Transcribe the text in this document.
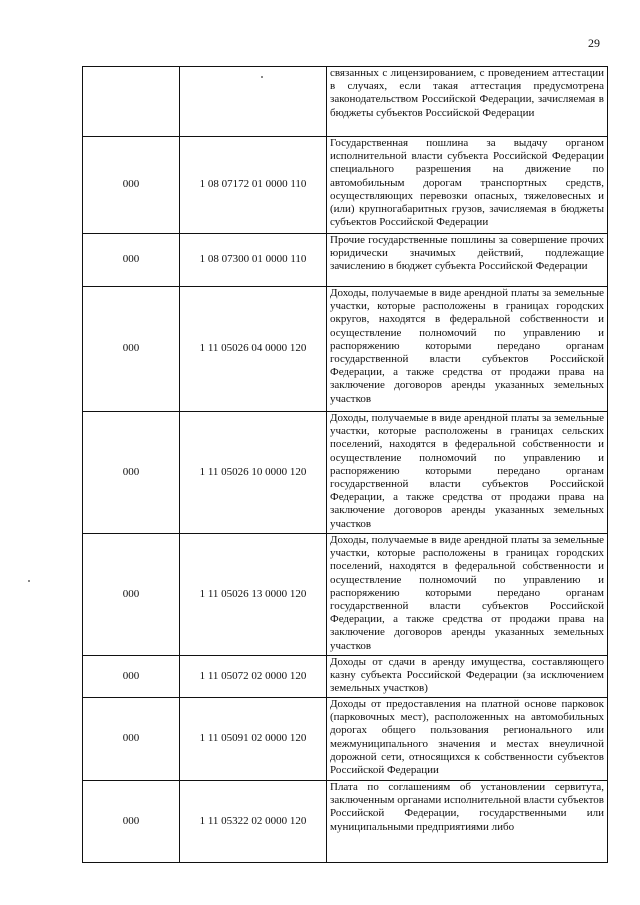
29
		связанных с лицензированием, с проведением аттестации в случаях, если такая аттестация предусмотрена законодательством Российской Федерации, зачисляемая в бюджеты субъектов Российской Федерации
000	1 08 07172 01 0000 110	Государственная пошлина за выдачу органом исполнительной власти субъекта Российской Федерации специального разрешения на движение по автомобильным дорогам транспортных средств, осуществляющих перевозки опасных, тяжеловесных и (или) крупногабаритных грузов, зачисляемая в бюджеты субъектов Российской Федерации
000	1 08 07300 01 0000 110	Прочие государственные пошлины за совершение прочих юридически значимых действий, подлежащие зачислению в бюджет субъекта Российской Федерации
000	1 11 05026 04 0000 120	Доходы, получаемые в виде арендной платы за земельные участки, которые расположены в границах городских округов, находятся в федеральной собственности и осуществление полномочий по управлению и распоряжению которыми передано органам государственной власти субъектов Российской Федерации, а также средства от продажи права на заключение договоров аренды указанных земельных участков
000	1 11 05026 10 0000 120	Доходы, получаемые в виде арендной платы за земельные участки, которые расположены в границах сельских поселений, находятся в федеральной собственности и осуществление полномочий по управлению и распоряжению которыми передано органам государственной власти субъектов Российской Федерации, а также средства от продажи права на заключение договоров аренды указанных земельных участков
000	1 11 05026 13 0000 120	Доходы, получаемые в виде арендной платы за земельные участки, которые расположены в границах городских поселений, находятся в федеральной собственности и осуществление полномочий по управлению и распоряжению которыми передано органам государственной власти субъектов Российской Федерации, а также средства от продажи права на заключение договоров аренды указанных земельных участков
000	1 11 05072 02 0000 120	Доходы от сдачи в аренду имущества, составляющего казну субъекта Российской Федерации (за исключением земельных участков)
000	1 11 05091 02 0000 120	Доходы от предоставления на платной основе парковок (парковочных мест), расположенных на автомобильных дорогах общего пользования регионального или межмуниципального значения и местах внеуличной дорожной сети, относящихся к собственности субъектов Российской Федерации
000	1 11 05322 02 0000 120	Плата по соглашениям об установлении сервитута, заключенным органами исполнительной власти субъектов Российской Федерации, государственными или муниципальными предприятиями либо
